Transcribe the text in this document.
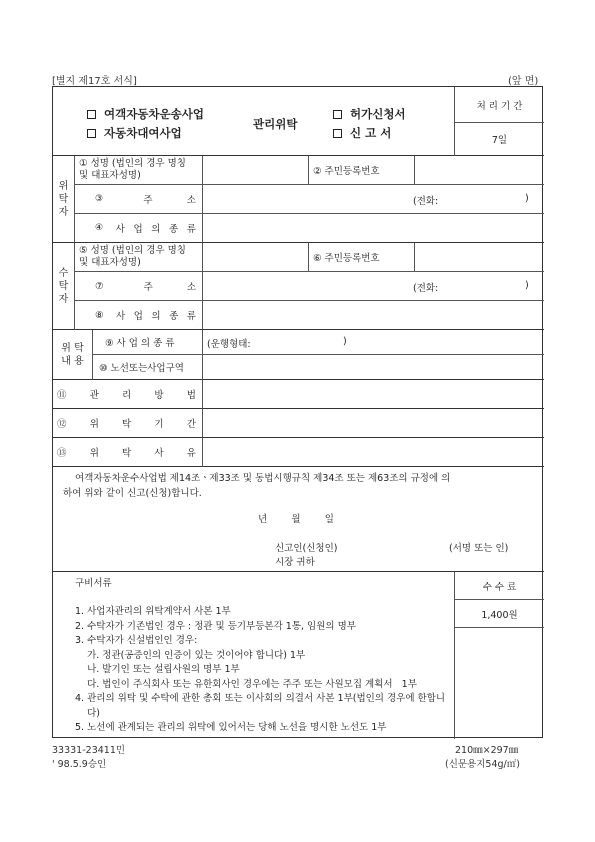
[별지 제17호 서식]	(앞 면)
여객자동차운송사업
자동차대여사업
관리위탁
허가신청서
신 고 서
처 리 기 간
7일
위
탁
자
① 성명 (법인의 경우 명칭 및 대표자성명)	② 주민등록번호
③	주	소	(전화:	)
④ 사 업 의 종 류
수
탁
자
⑤ 성명 (법인의 경우 명칭 및 대표자성명)	⑥ 주민등록번호
⑦	주	소	(전화:	)
⑧ 사 업 의 종 류
위 탁
내 용
⑨ 사 업 의 종 류	(운행형태:	)
⑩ 노선또는사업구역
⑪ 관 리 방 법
⑫ 위 탁 기 간
⑬ 위 탁 사 유
여객자동차운수사업법 제14조ㆍ제33조 및 동법시행규칙 제34조 또는 제63조의 규정에 의
하여 위와 같이 신고(신청)합니다.
년	월	일
신고인(신청인)	(서명 또는 인)
시장 귀하
구비서류
1. 사업자관리의 위탁계약서 사본 1부
2. 수탁자가 기존법인 경우 : 정관 및 등기부등본각 1통, 임원의 명부
3. 수탁자가 신설법인인 경우:
가. 정관(공증인의 인증이 있는 것이어야 합니다) 1부
나. 발기인 또는 설립사원의 명부 1부
다. 법인이 주식회사 또는 유한회사인 경우에는 주주 또는 사원모집 계획서   1부
4. 관리의 위탁 및 수탁에 관한 총회 또는 이사회의 의결서 사본 1부(법인의 경우에 한합니
다)
5. 노선에 관계되는 관리의 위탁에 있어서는 당해 노선을 명시한 노선도 1부
수 수 료
1,400원
33331-23411민
' 98.5.9승인
210㎜×297㎜
(신문용지54g/㎡)
